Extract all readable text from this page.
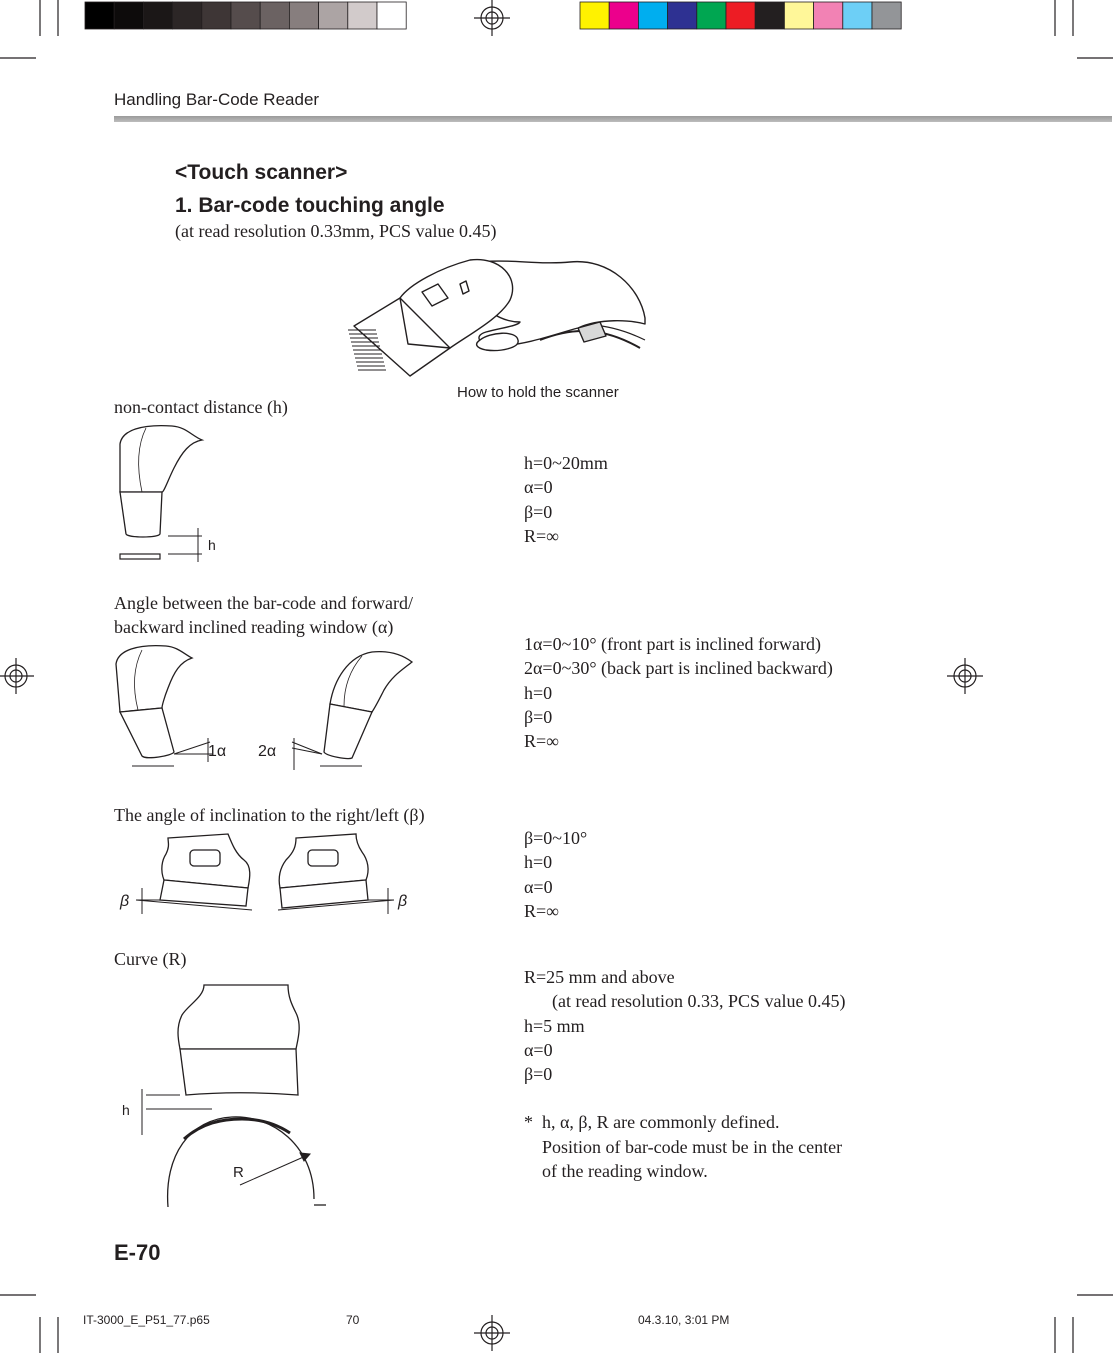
Handling Bar-Code Reader
<Touch scanner>
1. Bar-code touching angle
(at read resolution 0.33mm, PCS value 0.45)
How to hold the scanner
non-contact distance (h)
h
h=0~20mm
α=0
β=0
R=∞
Angle between the bar-code and forward/
backward inclined reading window (α)
1α 2α
1α=0~10° (front part is inclined forward)
2α=0~30° (back part is inclined backward)
h=0
β=0
R=∞
The angle of inclination to the right/left (β)
β	β
β=0~10°
h=0
α=0
R=∞
Curve (R)
h
R
R=25 mm and above
(at read resolution 0.33, PCS value 0.45)
h=5 mm
α=0
β=0
* h, α, β, R are commonly defined.
Position of bar-code must be in the center
of the reading window.
E-70
IT-3000_E_P51_77.p65	70	04.3.10, 3:01 PM
